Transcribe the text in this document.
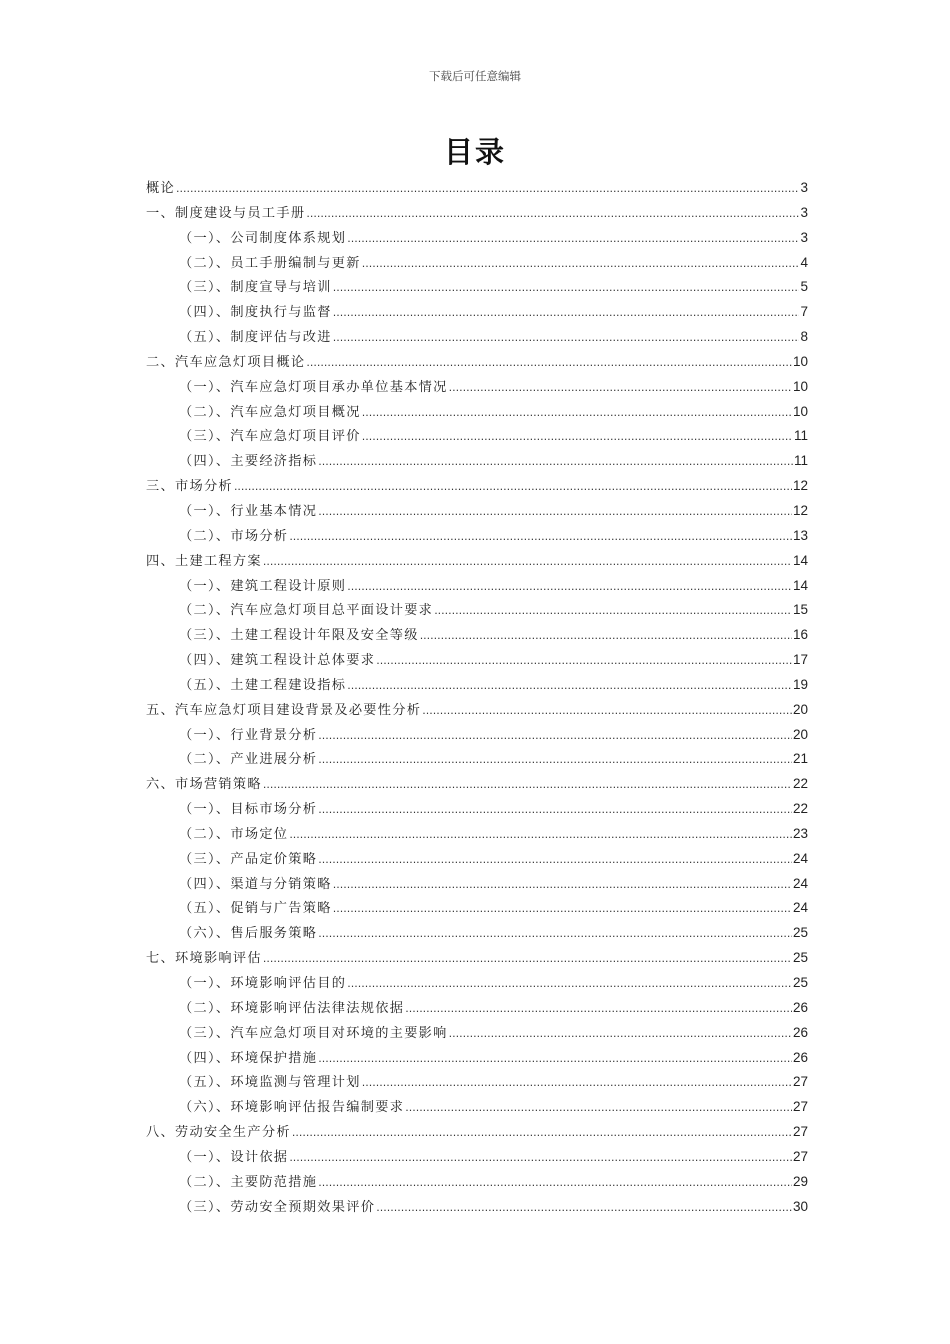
下载后可任意编辑
目录
概论 .....	3
一、制度建设与员工手册 .....	3
（一）、公司制度体系规划 .....	3
（二）、员工手册编制与更新 .....	4
（三）、制度宣导与培训 .....	5
（四）、制度执行与监督 .....	7
（五）、制度评估与改进 .....	8
二、汽车应急灯项目概论 .....	10
（一）、汽车应急灯项目承办单位基本情况 .....	10
（二）、汽车应急灯项目概况 .....	10
（三）、汽车应急灯项目评价 .....	11
（四）、主要经济指标 .....	11
三、市场分析 .....	12
（一）、行业基本情况 .....	12
（二）、市场分析 .....	13
四、土建工程方案 .....	14
（一）、建筑工程设计原则 .....	14
（二）、汽车应急灯项目总平面设计要求 .....	15
（三）、土建工程设计年限及安全等级 .....	16
（四）、建筑工程设计总体要求 .....	17
（五）、土建工程建设指标 .....	19
五、汽车应急灯项目建设背景及必要性分析 .....	20
（一）、行业背景分析 .....	20
（二）、产业进展分析 .....	21
六、市场营销策略 .....	22
（一）、目标市场分析 .....	22
（二）、市场定位 .....	23
（三）、产品定价策略 .....	24
（四）、渠道与分销策略 .....	24
（五）、促销与广告策略 .....	24
（六）、售后服务策略 .....	25
七、环境影响评估 .....	25
（一）、环境影响评估目的 .....	25
（二）、环境影响评估法律法规依据 .....	26
（三）、汽车应急灯项目对环境的主要影响 .....	26
（四）、环境保护措施 .....	26
（五）、环境监测与管理计划 .....	27
（六）、环境影响评估报告编制要求 .....	27
八、劳动安全生产分析 .....	27
（一）、设计依据 .....	27
（二）、主要防范措施 .....	29
（三）、劳动安全预期效果评价 .....	30
